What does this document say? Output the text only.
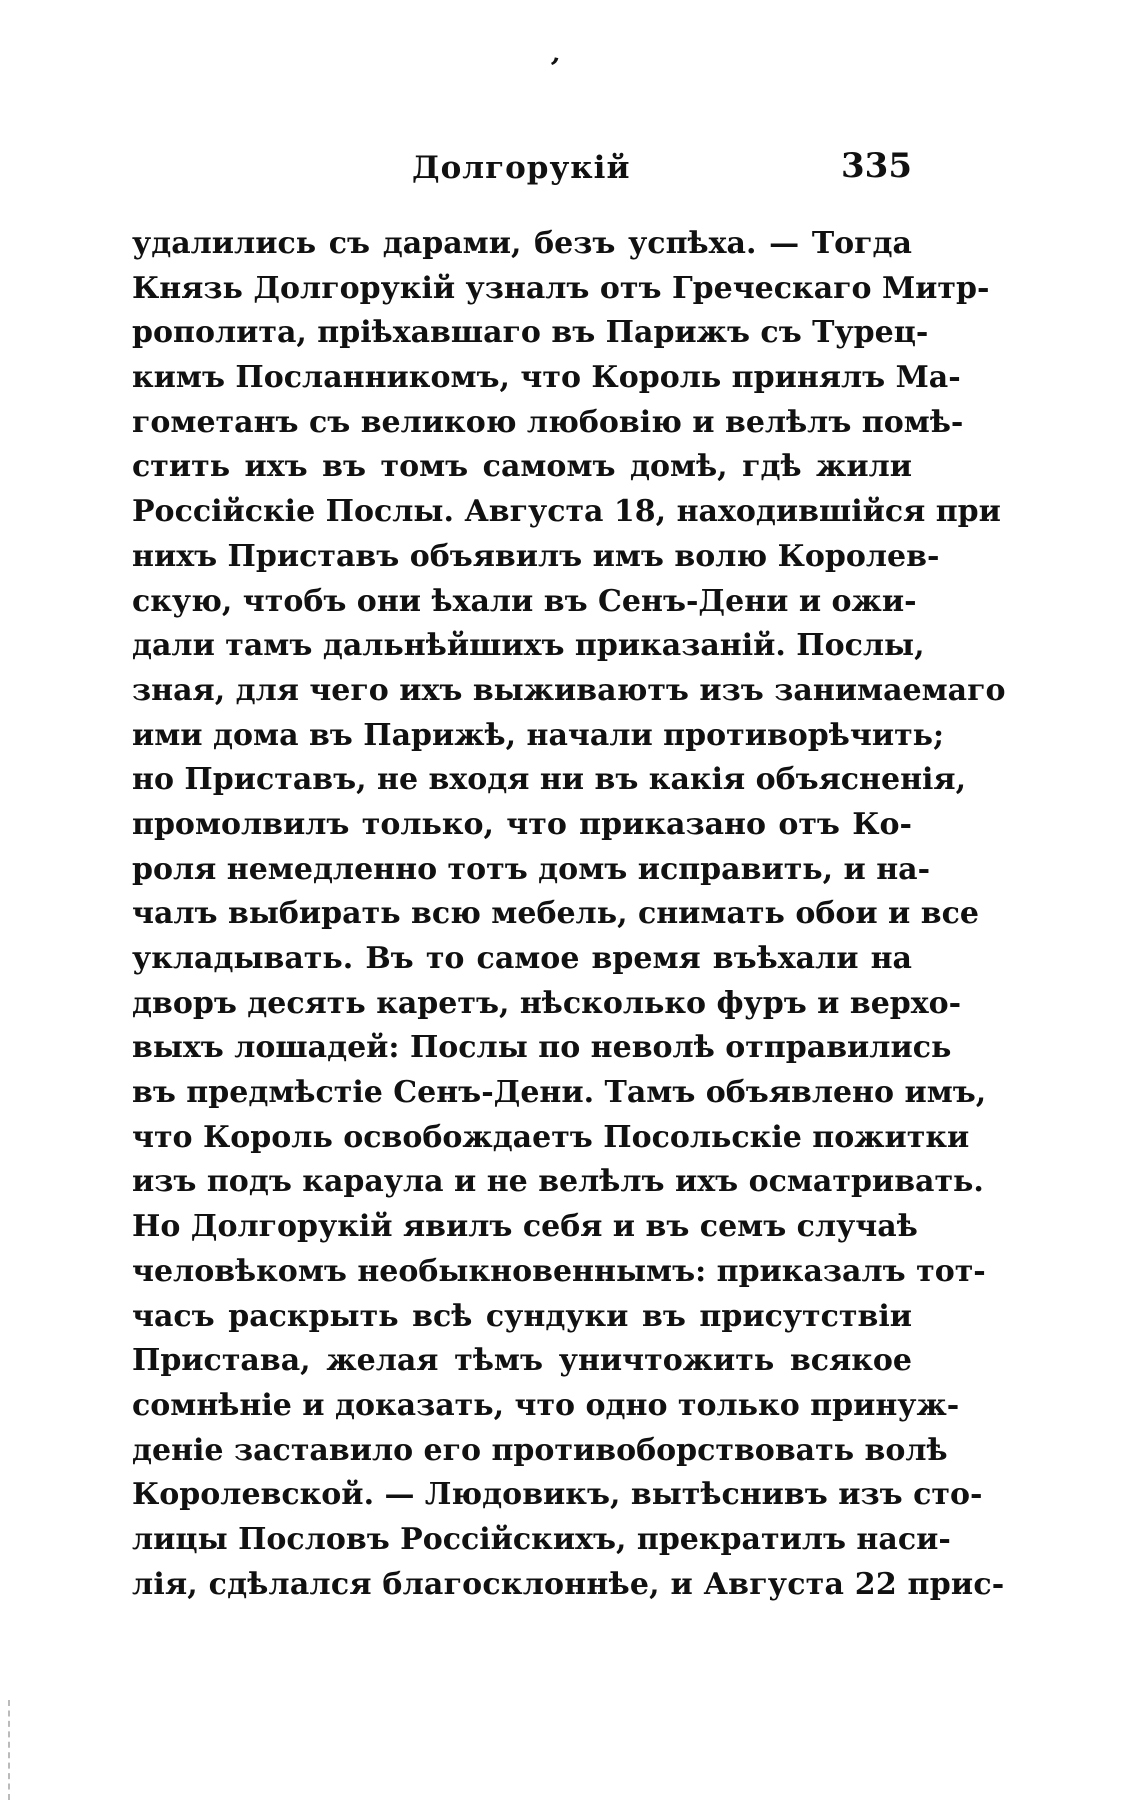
ʼ
Долгорукій	335
удалились съ дарами, безъ успѣха. — Тогда
Князь Долгорукій узналъ отъ Греческаго Митр-
рополита, пріѣхавшаго въ Парижъ съ Турец-
кимъ Посланникомъ, что Король принялъ Ма-
гометанъ съ великою любовію и велѣлъ помѣ-
стить ихъ въ томъ самомъ домѣ, гдѣ жили
Россійскіе Послы. Августа 18, находившійся при
нихъ Приставъ объявилъ имъ волю Королев-
скую, чтобъ они ѣхали въ Сенъ-Дени и ожи-
дали тамъ дальнѣйшихъ приказаній. Послы,
зная, для чего ихъ выживаютъ изъ занимаемаго
ими дома въ Парижѣ, начали противорѣчить;
но Приставъ, не входя ни въ какія объясненія,
промолвилъ только, что приказано отъ Ко-
роля немедленно тотъ домъ исправить, и на-
чалъ выбирать всю мебель, снимать обои и все
укладывать. Въ то самое время въѣхали на
дворъ десять каретъ, нѣсколько фуръ и верхо-
выхъ лошадей: Послы по неволѣ отправились
въ предмѣстіе Сенъ-Дени. Тамъ объявлено имъ,
что Король освобождаетъ Посольскіе пожитки
изъ подъ караула и не велѣлъ ихъ осматривать.
Но Долгорукій явилъ себя и въ семъ случаѣ
человѣкомъ необыкновеннымъ: приказалъ тот-
часъ раскрыть всѣ сундуки въ присутствіи
Пристава, желая тѣмъ уничтожить всякое
сомнѣніе и доказать, что одно только принуж-
деніе заставило его противоборствовать волѣ
Королевской. — Людовикъ, вытѣснивъ изъ сто-
лицы Пословъ Россійскихъ, прекратилъ наси-
лія, сдѣлался благосклоннѣе, и Августа 22 прис-
